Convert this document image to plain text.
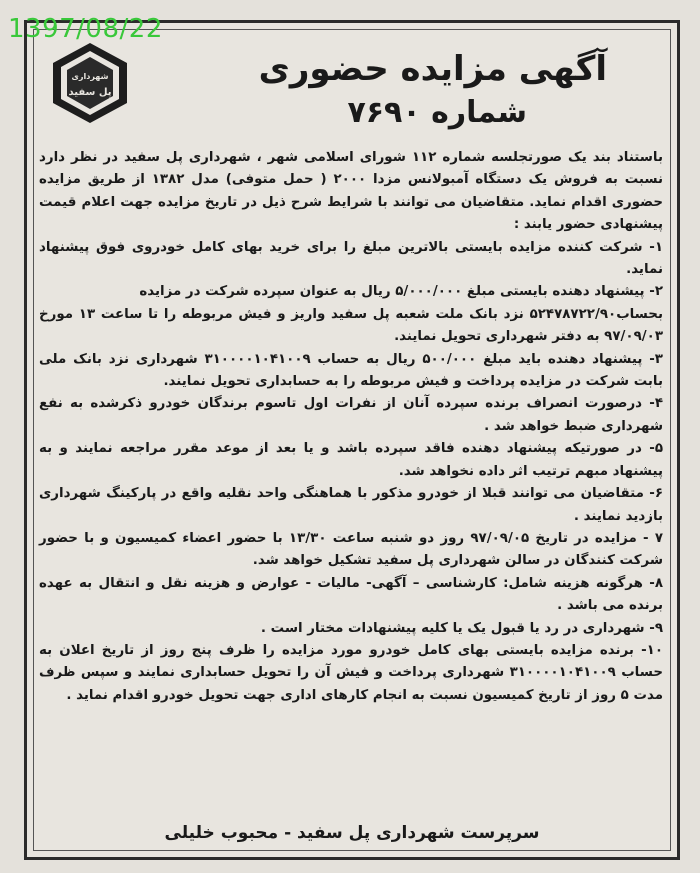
1397/08/22
شهرداری
پل سفید
آگهی مزایده حضوری
شماره ۷۶۹۰

باستناد بند یک صورتجلسه شماره ۱۱۲ شورای اسلامی شهر ، شهرداری پل سفید در نظر دارد نسبت به فروش یک دستگاه آمبولانس مزدا ۲۰۰۰ ( حمل متوفی) مدل ۱۳۸۲ از طریق مزایده حضوری اقدام نماید. متقاضیان می توانند با شرایط شرح ذیل در تاریخ مزایده جهت اعلام قیمت پیشنهادی حضور یابند :

۱- شرکت کننده مزایده بایستی بالاترین مبلغ را برای خرید بهای کامل خودروی فوق پیشنهاد نماید.

۲- پیشنهاد دهنده بایستی مبلغ ۵/۰۰۰/۰۰۰ ریال به عنوان سپرده شرکت در مزایده

بحساب۵۲۴۷۸۷۲۲/۹۰ نزد بانک ملت شعبه پل سفید واریز و فیش مربوطه را تا ساعت ۱۳ مورخ ۹۷/۰۹/۰۳ به دفتر شهرداری تحویل نمایند.

۳- پیشنهاد دهنده باید مبلغ ۵۰۰/۰۰۰ ریال به حساب ۳۱۰۰۰۰۱۰۴۱۰۰۹ شهرداری نزد بانک ملی بابت شرکت در مزایده پرداخت و فیش مربوطه را به حسابداری تحویل نمایند.

۴- درصورت انصراف برنده سپرده آنان از نفرات اول تاسوم برندگان خودرو ذکرشده به نفع شهرداری ضبط خواهد شد .

۵- در صورتیکه پیشنهاد دهنده فاقد سپرده باشد و یا بعد از موعد مقرر مراجعه نمایند و به پیشنهاد مبهم ترتیب اثر داده نخواهد شد.

۶- متقاضیان می توانند قبلا از خودرو مذکور با هماهنگی واحد نقلیه واقع در پارکینگ شهرداری بازدید نمایند .

۷ - مزایده در تاریخ ۹۷/۰۹/۰۵ روز دو شنبه ساعت ۱۳/۳۰ با حضور اعضاء کمیسیون و با حضور شرکت کنندگان در سالن شهرداری پل سفید تشکیل خواهد شد.

۸- هرگونه هزینه شامل: کارشناسی – آگهی- مالیات - عوارض و هزینه نقل و انتقال به عهده برنده می باشد .

۹- شهرداری در رد یا قبول یک یا کلیه پیشنهادات مختار است .

۱۰- برنده مزایده بایستی بهای کامل خودرو مورد مزایده را ظرف پنج روز از تاریخ اعلان به حساب ۳۱۰۰۰۰۱۰۴۱۰۰۹ شهرداری پرداخت و فیش آن را تحویل حسابداری نمایند و سپس ظرف مدت ۵ روز از تاریخ کمیسیون نسبت به انجام کارهای اداری جهت تحویل خودرو اقدام نماید .

سرپرست شهرداری پل سفید - محبوب خلیلی
